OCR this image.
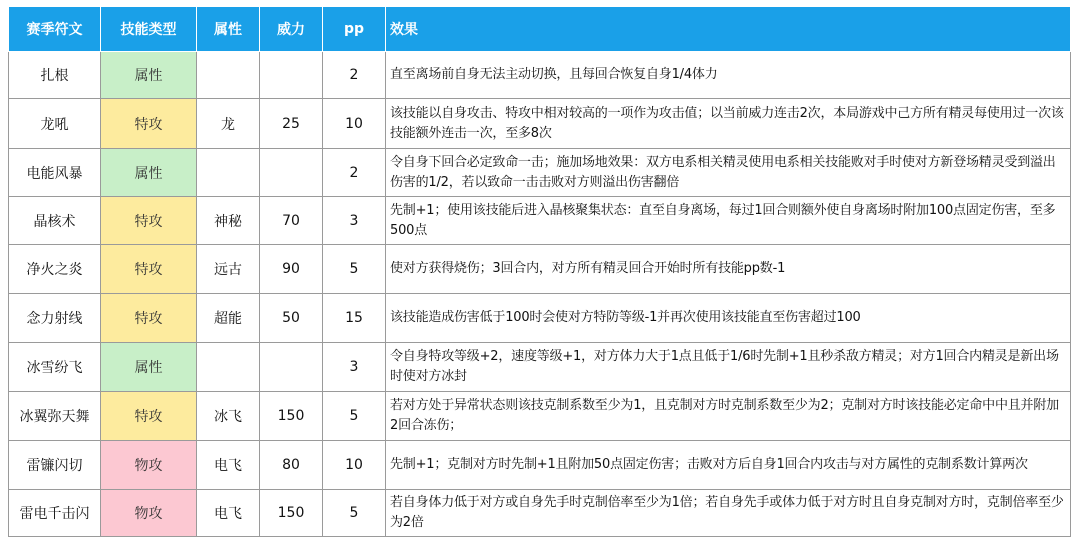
赛季符文	技能类型	属性	威力	pp	效果
扎根	属性			2	直至离场前自身无法主动切换，且每回合恢复自身1/4体力
龙吼	特攻	龙	25	10	该技能以自身攻击、特攻中相对较高的一项作为攻击值；以当前威力连击2次，本局游戏中己方所有精灵每使用过一次该技能额外连击一次，至多8次
电能风暴	属性			2	令自身下回合必定致命一击；施加场地效果：双方电系相关精灵使用电系相关技能败对手时使对方新登场精灵受到溢出伤害的1/2，若以致命一击击败对方则溢出伤害翻倍
晶核术	特攻	神秘	70	3	先制+1；使用该技能后进入晶核聚集状态：直至自身离场，每过1回合则额外使自身离场时附加100点固定伤害，至多500点
净火之炎	特攻	远古	90	5	使对方获得烧伤；3回合内，对方所有精灵回合开始时所有技能pp数-1
念力射线	特攻	超能	50	15	该技能造成伤害低于100时会使对方特防等级-1并再次使用该技能直至伤害超过100
冰雪纷飞	属性			3	令自身特攻等级+2，速度等级+1，对方体力大于1点且低于1/6时先制+1且秒杀敌方精灵；对方1回合内精灵是新出场时使对方冰封
冰翼弥天舞	特攻	冰飞	150	5	若对方处于异常状态则该技克制系数至少为1，且克制对方时克制系数至少为2；克制对方时该技能必定命中中且并附加2回合冻伤；
雷镰闪切	物攻	电飞	80	10	先制+1；克制对方时先制+1且附加50点固定伤害；击败对方后自身1回合内攻击与对方属性的克制系数计算两次
雷电千击闪	物攻	电飞	150	5	若自身体力低于对方或自身先手时克制倍率至少为1倍；若自身先手或体力低于对方时且自身克制对方时，克制倍率至少为2倍
